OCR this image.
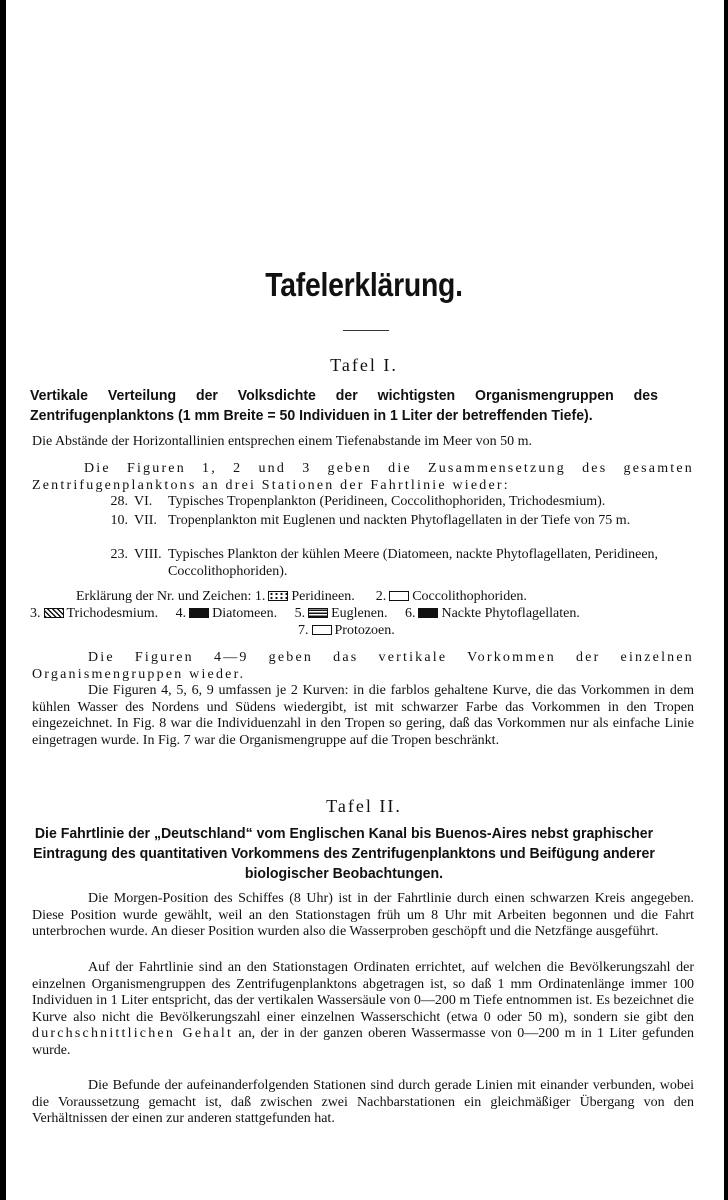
Tafelerklärung.
Tafel I.
Vertikale Verteilung der Volksdichte der wichtigsten Organismengruppen des Zentrifugenplanktons (1 mm Breite = 50 Individuen in 1 Liter der betreffenden Tiefe).
Die Abstände der Horizontallinien entsprechen einem Tiefenabstande im Meer von 50 m.
Die Figuren 1, 2 und 3 geben die Zusammensetzung des gesamten Zentrifugenplanktons an drei Stationen der Fahrtlinie wieder:
28. VI.	Typisches Tropenplankton (Peridineen, Coccolithophoriden, Trichodesmium).
10. VII. Tropenplankton mit Euglenen und nackten Phytoflagellaten in der Tiefe von 75 m.
23. VIII. Typisches Plankton der kühlen Meere (Diatomeen, nackte Phytoflagellaten, Peridineen, Coccolithophoriden).
Erklärung der Nr. und Zeichen: 1. Peridineen. 2. Coccolithophoriden.
3. Trichodesmium. 4. Diatomeen. 5. Euglenen. 6. Nackte Phytoflagellaten.
7. Protozoen.
Die Figuren 4—9 geben das vertikale Vorkommen der einzelnen Organismengruppen wieder.
Die Figuren 4, 5, 6, 9 umfassen je 2 Kurven: in die farblos gehaltene Kurve, die das Vorkommen in dem kühlen Wasser des Nordens und Südens wiedergibt, ist mit schwarzer Farbe das Vorkommen in den Tropen eingezeichnet. In Fig. 8 war die Individuenzahl in den Tropen so gering, daß das Vorkommen nur als einfache Linie eingetragen wurde. In Fig. 7 war die Organismengruppe auf die Tropen beschränkt.
Tafel II.
Die Fahrtlinie der „Deutschland“ vom Englischen Kanal bis Buenos-Aires nebst graphischer Eintragung des quantitativen Vorkommens des Zentrifugenplanktons und Beifügung anderer biologischer Beobachtungen.
Die Morgen-Position des Schiffes (8 Uhr) ist in der Fahrtlinie durch einen schwarzen Kreis angegeben. Diese Position wurde gewählt, weil an den Stationstagen früh um 8 Uhr mit Arbeiten begonnen und die Fahrt unterbrochen wurde. An dieser Position wurden also die Wasserproben geschöpft und die Netzfänge ausgeführt.
Auf der Fahrtlinie sind an den Stationstagen Ordinaten errichtet, auf welchen die Bevölkerungszahl der einzelnen Organismengruppen des Zentrifugenplanktons abgetragen ist, so daß 1 mm Ordinatenlänge immer 100 Individuen in 1 Liter entspricht, das der vertikalen Wassersäule von 0—200 m Tiefe entnommen ist. Es bezeichnet die Kurve also nicht die Bevölkerungszahl einer einzelnen Wasserschicht (etwa 0 oder 50 m), sondern sie gibt den durchschnittlichen Gehalt an, der in der ganzen oberen Wassermasse von 0—200 m in 1 Liter gefunden wurde.
Die Befunde der aufeinanderfolgenden Stationen sind durch gerade Linien mit einander verbunden, wobei die Voraussetzung gemacht ist, daß zwischen zwei Nachbarstationen ein gleichmäßiger Übergang von den Verhältnissen der einen zur anderen stattgefunden hat.
